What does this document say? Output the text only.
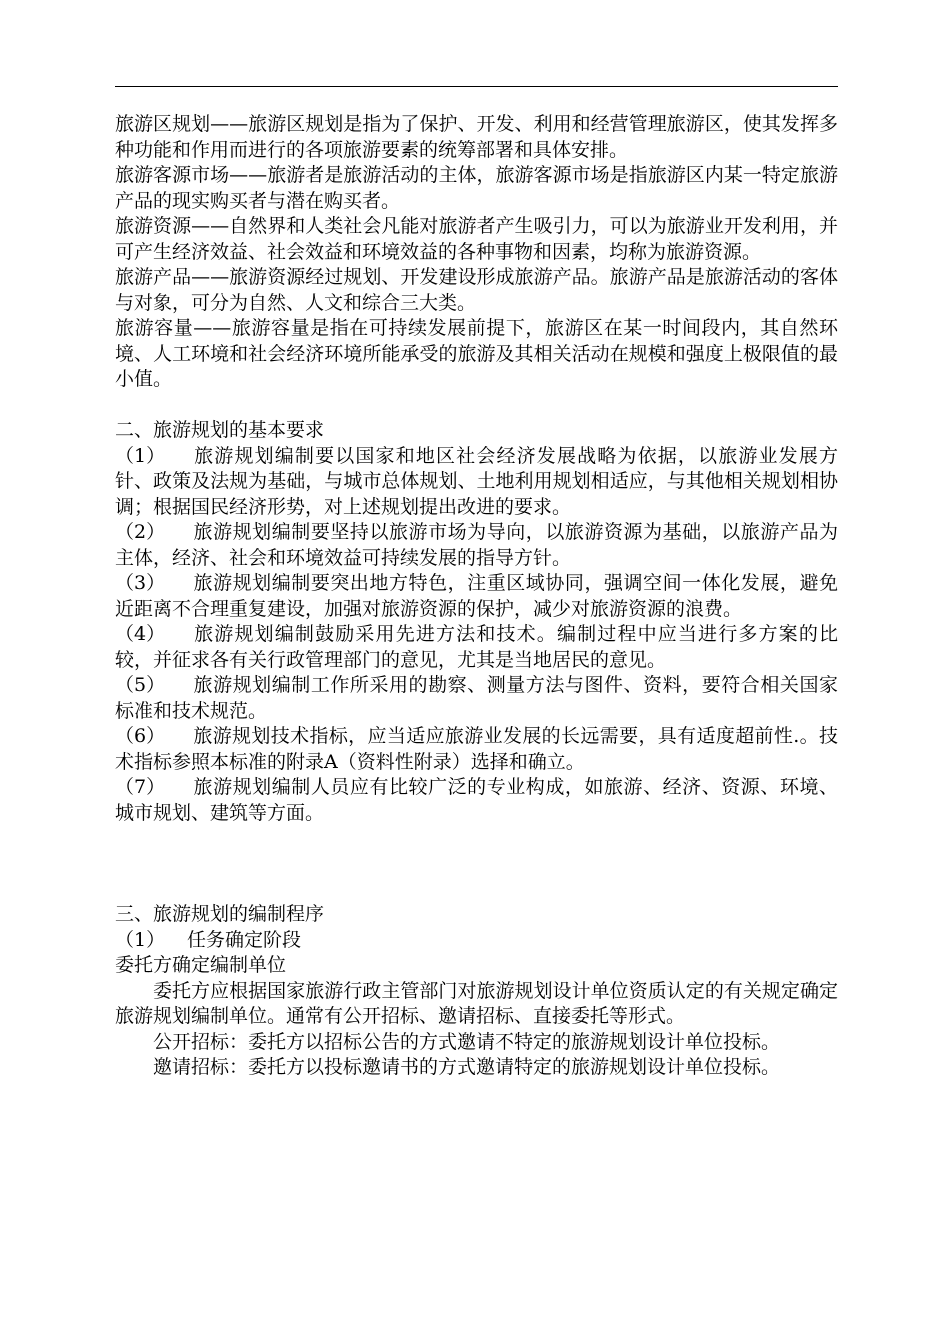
旅游区规划——旅游区规划是指为了保护、开发、利用和经营管理旅游区，使其发挥多种功能和作用而进行的各项旅游要素的统筹部署和具体安排。

旅游客源市场——旅游者是旅游活动的主体，旅游客源市场是指旅游区内某一特定旅游产品的现实购买者与潜在购买者。

旅游资源——自然界和人类社会凡能对旅游者产生吸引力，可以为旅游业开发利用，并可产生经济效益、社会效益和环境效益的各种事物和因素，均称为旅游资源。

旅游产品——旅游资源经过规划、开发建设形成旅游产品。旅游产品是旅游活动的客体与对象，可分为自然、人文和综合三大类。

旅游容量——旅游容量是指在可持续发展前提下，旅游区在某一时间段内，其自然环境、人工环境和社会经济环境所能承受的旅游及其相关活动在规模和强度上极限值的最小值。

二、旅游规划的基本要求

（1） 旅游规划编制要以国家和地区社会经济发展战略为依据，以旅游业发展方针、政策及法规为基础，与城市总体规划、土地利用规划相适应，与其他相关规划相协调；根据国民经济形势，对上述规划提出改进的要求。

（2） 旅游规划编制要坚持以旅游市场为导向，以旅游资源为基础，以旅游产品为主体，经济、社会和环境效益可持续发展的指导方针。

（3） 旅游规划编制要突出地方特色，注重区域协同，强调空间一体化发展，避免近距离不合理重复建设，加强对旅游资源的保护，减少对旅游资源的浪费。

（4） 旅游规划编制鼓励采用先进方法和技术。编制过程中应当进行多方案的比较，并征求各有关行政管理部门的意见，尤其是当地居民的意见。

（5） 旅游规划编制工作所采用的勘察、测量方法与图件、资料，要符合相关国家标准和技术规范。

（6） 旅游规划技术指标，应当适应旅游业发展的长远需要，具有适度超前性.。技术指标参照本标准的附录A（资料性附录）选择和确立。

（7） 旅游规划编制人员应有比较广泛的专业构成，如旅游、经济、资源、环境、城市规划、建筑等方面。

三、旅游规划的编制程序

（1） 任务确定阶段

委托方确定编制单位

委托方应根据国家旅游行政主管部门对旅游规划设计单位资质认定的有关规定确定旅游规划编制单位。通常有公开招标、邀请招标、直接委托等形式。

公开招标：委托方以招标公告的方式邀请不特定的旅游规划设计单位投标。

邀请招标：委托方以投标邀请书的方式邀请特定的旅游规划设计单位投标。
